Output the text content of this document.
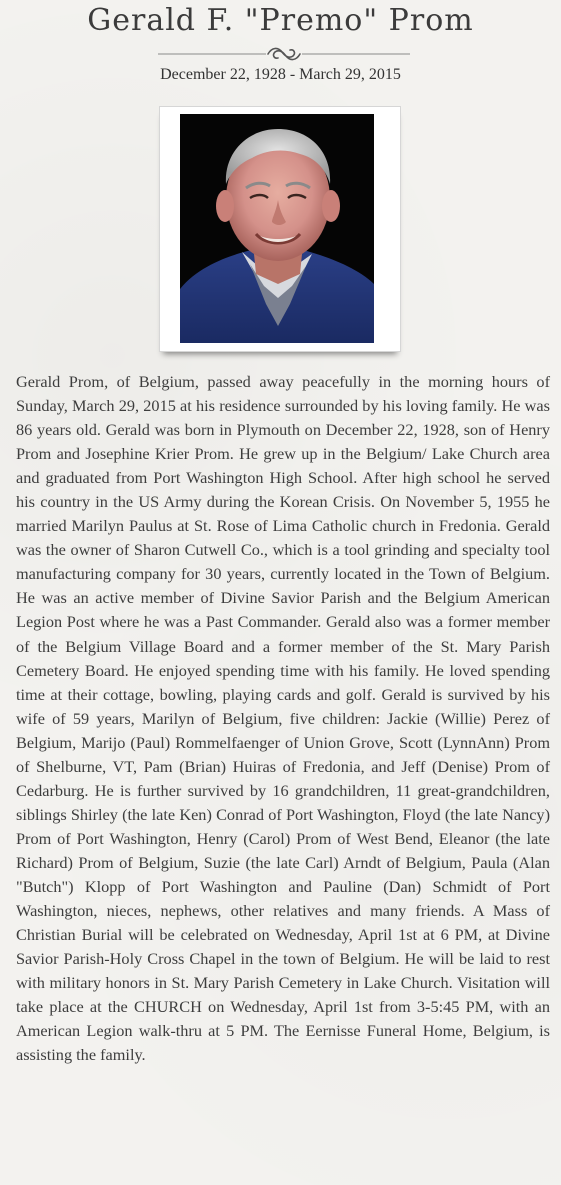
Gerald F. "Premo" Prom
December 22, 1928 - March 29, 2015

Gerald Prom, of Belgium, passed away peacefully in the morning hours of Sunday, March 29, 2015 at his residence surrounded by his loving family. He was 86 years old. Gerald was born in Plymouth on December 22, 1928, son of Henry Prom and Josephine Krier Prom. He grew up in the Belgium/ Lake Church area and graduated from Port Washington High School. After high school he served his country in the US Army during the Korean Crisis. On November 5, 1955 he married Marilyn Paulus at St. Rose of Lima Catholic church in Fredonia. Gerald was the owner of Sharon Cutwell Co., which is a tool grinding and specialty tool manufacturing company for 30 years, currently located in the Town of Belgium. He was an active member of Divine Savior Parish and the Belgium American Legion Post where he was a Past Commander. Gerald also was a former member of the Belgium Village Board and a former member of the St. Mary Parish Cemetery Board. He enjoyed spending time with his family. He loved spending time at their cottage, bowling, playing cards and golf. Gerald is survived by his wife of 59 years, Marilyn of Belgium, five children: Jackie (Willie) Perez of Belgium, Marijo (Paul) Rommelfaenger of Union Grove, Scott (LynnAnn) Prom of Shelburne, VT, Pam (Brian) Huiras of Fredonia, and Jeff (Denise) Prom of Cedarburg. He is further survived by 16 grandchildren, 11 great-grandchildren, siblings Shirley (the late Ken) Conrad of Port Washington, Floyd (the late Nancy) Prom of Port Washington, Henry (Carol) Prom of West Bend, Eleanor (the late Richard) Prom of Belgium, Suzie (the late Carl) Arndt of Belgium, Paula (Alan "Butch") Klopp of Port Washington and Pauline (Dan) Schmidt of Port Washington, nieces, nephews, other relatives and many friends. A Mass of Christian Burial will be celebrated on Wednesday, April 1st at 6 PM, at Divine Savior Parish-Holy Cross Chapel in the town of Belgium. He will be laid to rest with military honors in St. Mary Parish Cemetery in Lake Church. Visitation will take place at the CHURCH on Wednesday, April 1st from 3-5:45 PM, with an American Legion walk-thru at 5 PM. The Eernisse Funeral Home, Belgium, is assisting the family.
